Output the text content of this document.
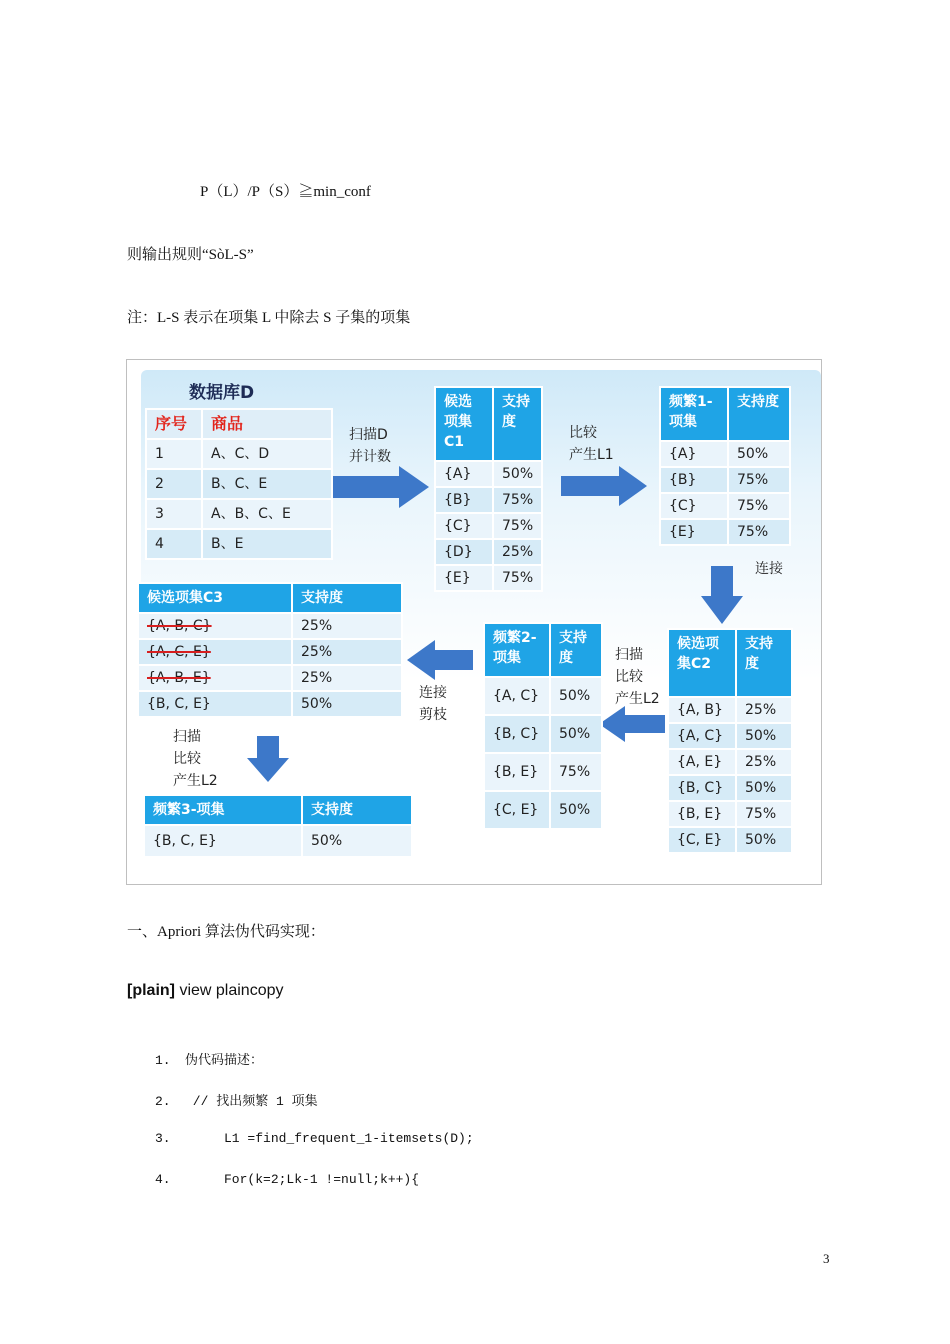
P（L）/P（S）≧min_conf
则输出规则“SòL-S”
注：L-S 表示在项集 L 中除去 S 子集的项集
数据库D
序号	商品
1	A、C、D
2	B、C、E
3	A、B、C、E
4	B、E
扫描D
并计数
候选项集C1	支持度
{A}	50%
{B}	75%
{C}	75%
{D}	25%
{E}	75%
比较
产生L1
频繁1-项集	支持度
{A}	50%
{B}	75%
{C}	75%
{E}	75%
连接
候选项集C2	支持度
{A, B}	25%
{A, C}	50%
{A, E}	25%
{B, C}	50%
{B, E}	75%
{C, E}	50%
扫描
比较
产生L2
频繁2-项集	支持度
{A, C}	50%
{B, C}	50%
{B, E}	75%
{C, E}	50%
连接
剪枝
候选项集C3	支持度
{A, B, C}	25%
{A, C, E}	25%
{A, B, E}	25%
{B, C, E}	50%
扫描
比较
产生L2
频繁3-项集	支持度
{B, C, E}	50%
一、Apriori 算法伪代码实现：
[plain] view plaincopy
1. 伪代码描述：
2. // 找出频繁 1 项集
3.     L1 =find_frequent_1-itemsets(D);
4.     For(k=2;Lk-1 !=null;k++){
3
